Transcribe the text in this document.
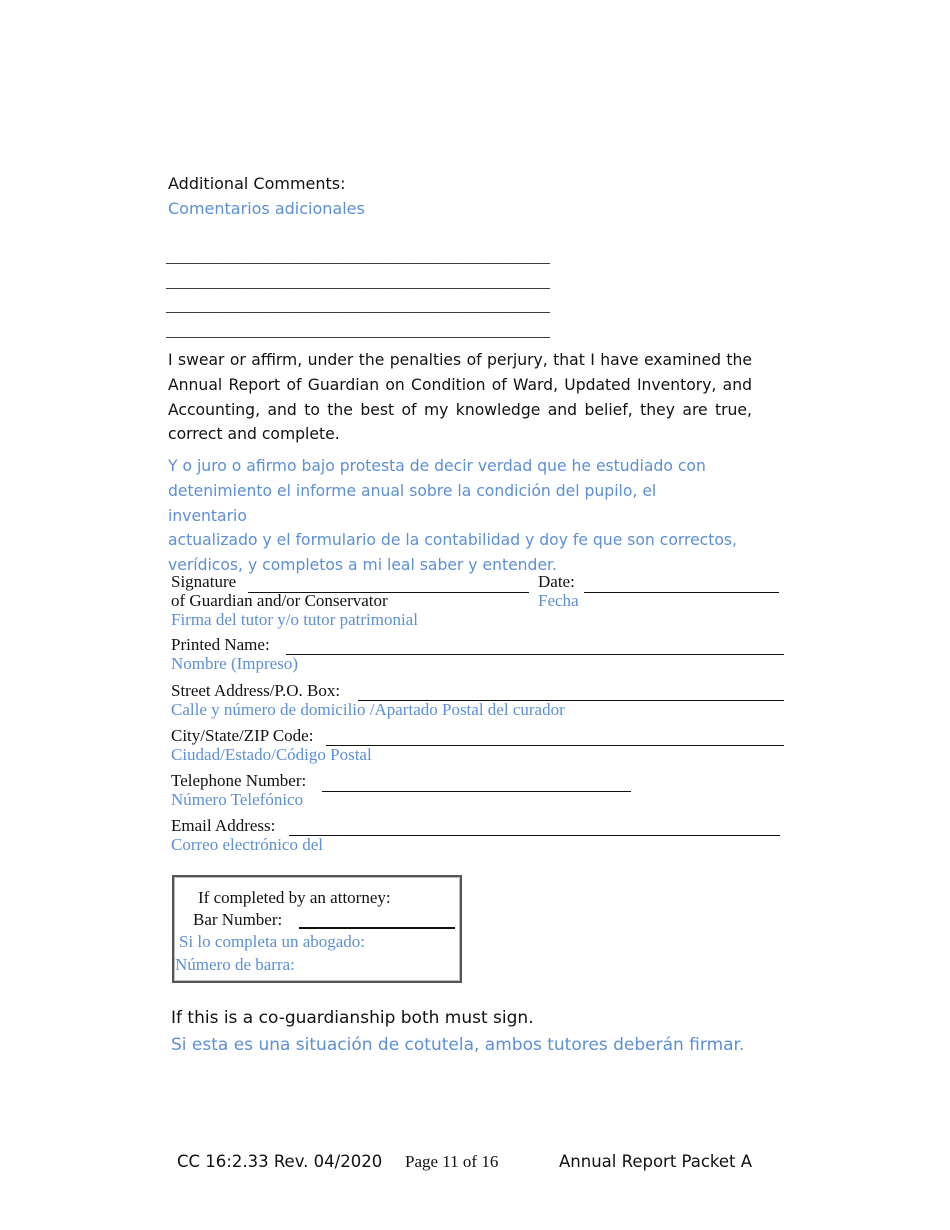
Additional Comments:
Comentarios adicionales
________________________________________________________________
________________________________________________________________
________________________________________________________________
________________________________________________________________
I swear or affirm, under the penalties of perjury, that I have examined the Annual Report of Guardian on Condition of Ward, Updated Inventory, and Accounting, and to the best of my knowledge and belief, they are true, correct and complete.
Y o juro o afirmo bajo protesta de decir verdad que he estudiado con
detenimiento el informe anual sobre la condición del pupilo, el inventario
actualizado y el formulario de la contabilidad y doy fe que son correctos,
verídicos, y completos a mi leal saber y entender.
Signature
of Guardian and/or Conservator
Firma del tutor y/o tutor patrimonial
Date:
Fecha
Printed Name:
Nombre (Impreso)
Street Address/P.O. Box:
Calle y número de domicilio /Apartado Postal del curador
City/State/ZIP Code:
Ciudad/Estado/Código Postal
Telephone Number:
Número Telefónico
Email Address:
Correo electrónico del
If completed by an attorney:
Bar Number:
Si lo completa un abogado:
Número de barra:
If this is a co-guardianship both must sign.
Si esta es una situación de cotutela, ambos tutores deberán firmar.
CC 16:2.33 Rev. 04/2020 Page 11 of 16	Annual Report Packet A
